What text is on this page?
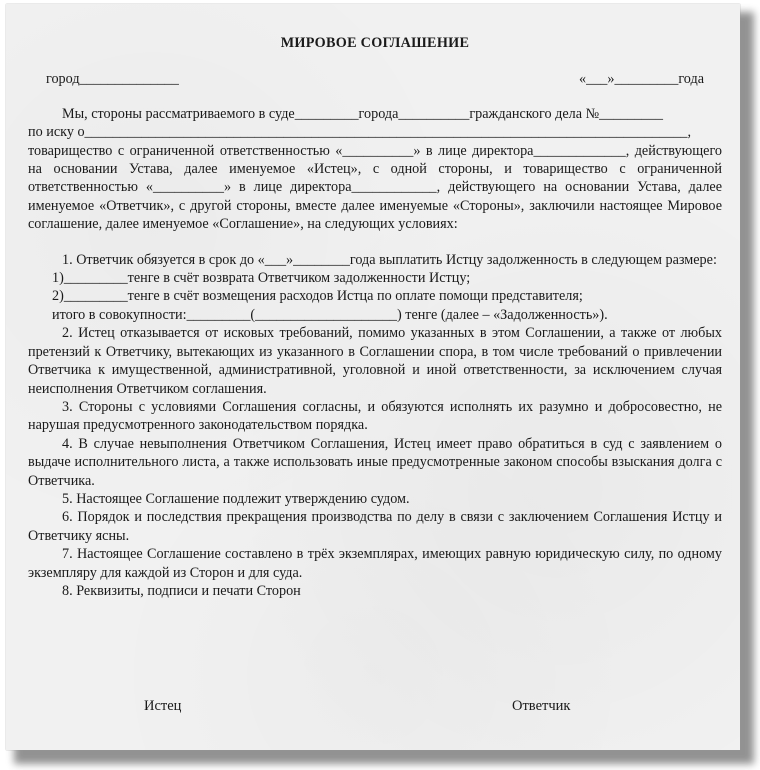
МИРОВОЕ СОГЛАШЕНИЕ
город______________	«___»_________года

Мы, стороны рассматриваемого в суде_________города__________гражданского дела №_________

по иску о_____________________________________________________________________________________,

товарищество с ограниченной ответственностью «__________» в лице директора_____________, действующего на основании Устава, далее именуемое «Истец», с одной стороны, и товарищество с ограниченной ответственностью «__________» в лице директора____________, действующего на основании Устава, далее именуемое «Ответчик», с другой стороны, вместе далее именуемые «Стороны», заключили настоящее Мировое соглашение, далее именуемое «Соглашение», на следующих условиях:

1. Ответчик обязуется в срок до «___»________года выплатить Истцу задолженность в следующем размере:

1)_________тенге в счёт возврата Ответчиком задолженности Истцу;

2)_________тенге в счёт возмещения расходов Истца по оплате помощи представителя;

итого в совокупности:_________(____________________) тенге (далее – «Задолженность»).

2. Истец отказывается от исковых требований, помимо указанных в этом Соглашении, а также от любых претензий к Ответчику, вытекающих из указанного в Соглашении спора, в том числе требований о привлечении Ответчика к имущественной, административной, уголовной и иной ответственности, за исключением случая неисполнения Ответчиком соглашения.

3. Стороны с условиями Соглашения согласны, и обязуются исполнять их разумно и добросовестно, не нарушая предусмотренного законодательством порядка.

4. В случае невыполнения Ответчиком Соглашения, Истец имеет право обратиться в суд с заявлением о выдаче исполнительного листа, а также использовать иные предусмотренные законом способы взыскания долга с Ответчика.

5. Настоящее Соглашение подлежит утверждению судом.

6. Порядок и последствия прекращения производства по делу в связи с заключением Соглашения Истцу и Ответчику ясны.

7. Настоящее Соглашение составлено в трёх экземплярах, имеющих равную юридическую силу, по одному экземпляру для каждой из Сторон и для суда.

8. Реквизиты, подписи и печати Сторон

Истец	Ответчик
